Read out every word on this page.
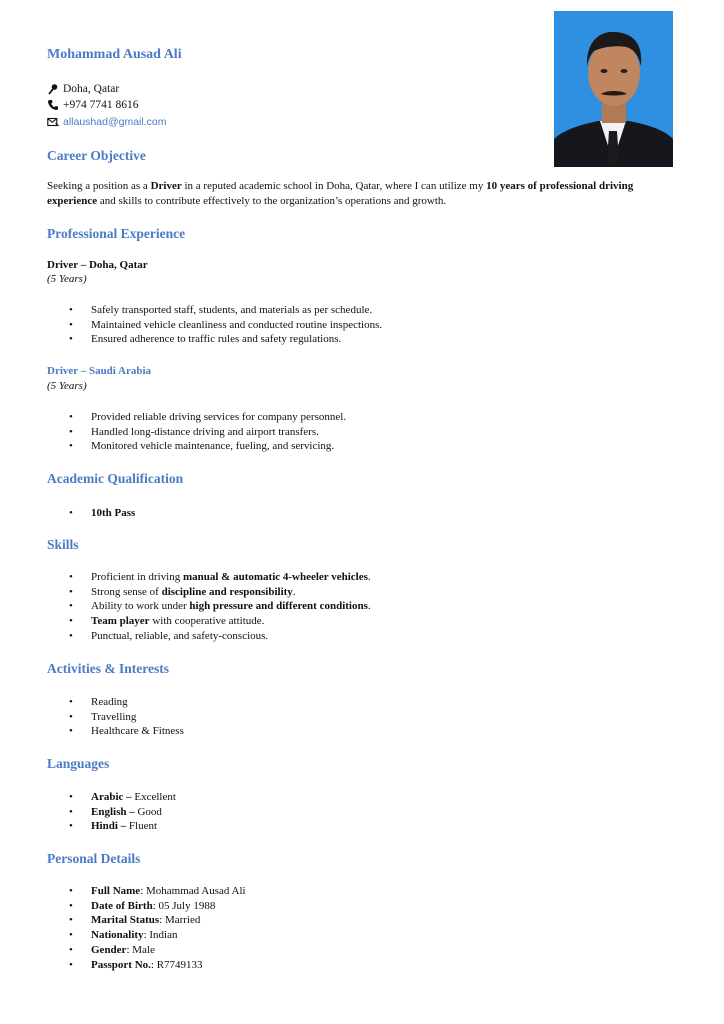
Mohammad Ausad Ali
Doha, Qatar
+974 7741 8616
allaushad@gmail.com
Career Objective

Seeking a position as a Driver in a reputed academic school in Doha, Qatar, where I can utilize my 10 years of professional driving experience and skills to contribute effectively to the organization’s operations and growth.

Professional Experience
Driver – Doha, Qatar
(5 Years)
• Safely transported staff, students, and materials as per schedule.
• Maintained vehicle cleanliness and conducted routine inspections.
• Ensured adherence to traffic rules and safety regulations.
Driver – Saudi Arabia
(5 Years)
• Provided reliable driving services for company personnel.
• Handled long-distance driving and airport transfers.
• Monitored vehicle maintenance, fueling, and servicing.
Academic Qualification
• 10th Pass
Skills
• Proficient in driving manual & automatic 4-wheeler vehicles.
• Strong sense of discipline and responsibility.
• Ability to work under high pressure and different conditions.
• Team player with cooperative attitude.
• Punctual, reliable, and safety-conscious.
Activities & Interests
• Reading
• Travelling
• Healthcare & Fitness
Languages
• Arabic – Excellent
• English – Good
• Hindi – Fluent
Personal Details
• Full Name: Mohammad Ausad Ali
• Date of Birth: 05 July 1988
• Marital Status: Married
• Nationality: Indian
• Gender: Male
• Passport No.: R7749133
